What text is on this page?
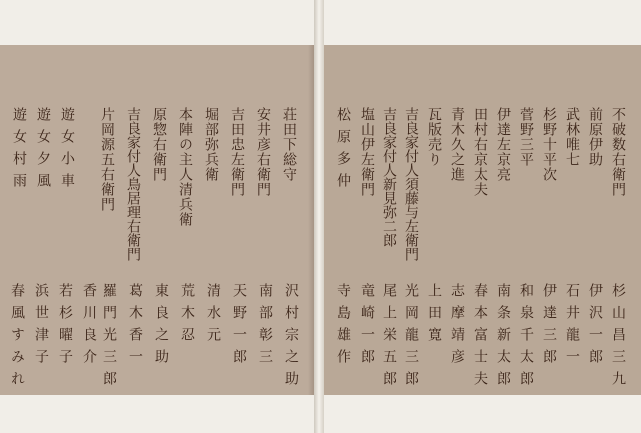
荘田下総守
安井彦右衛門
吉田忠左衛門
堀部弥兵衛
本陣の主人清兵衛
原惣右衛門
吉良家付人鳥居理右衛門
片岡源五右衛門
遊女小車
遊女夕風
遊女村雨
沢村宗之助
南部彰三
天野一郎
清水元
荒木忍
東良之助
葛木香一
羅門光三郎
香川良介
若杉曜子
浜世津子
春風すみれ
不破数右衛門
前原伊助
武林唯七
杉野十平次
菅野三平
伊達左京亮
田村右京太夫
青木久之進
瓦版売り
吉良家付人須藤与左衛門
吉良家付人新見弥二郎
塩山伊左衛門
松原多仲
杉山昌三九
伊沢一郎
石井龍一
伊達三郎
和泉千太郎
南条新太郎
春本富士夫
志摩靖彦
上田寛
光岡龍三郎
尾上栄五郎
竜崎一郎
寺島雄作
